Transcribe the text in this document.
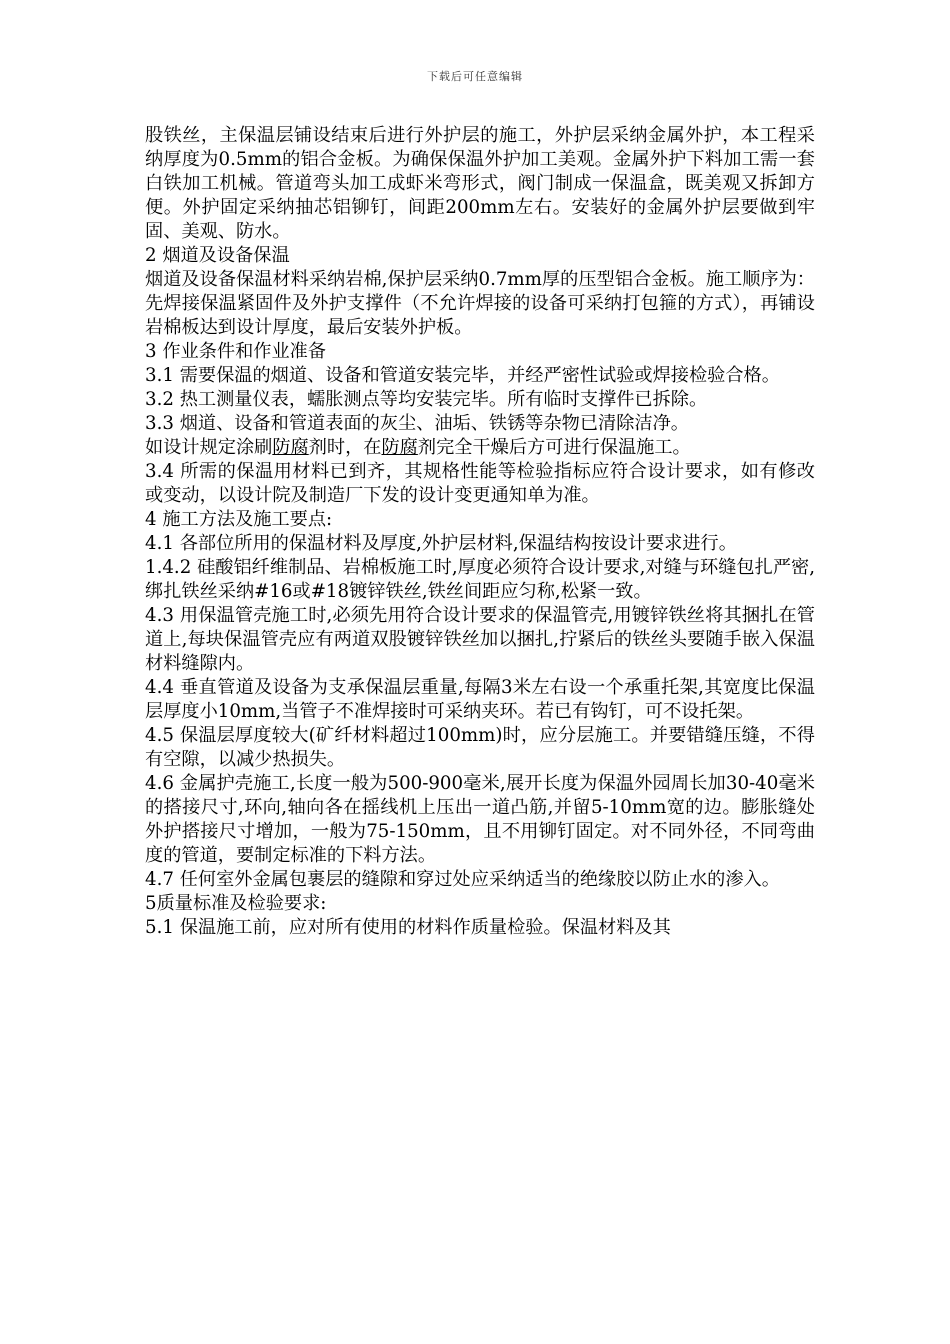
下载后可任意编辑

股铁丝，主保温层铺设结束后进行外护层的施工，外护层采纳金属外护，本工程采纳厚度为0.5mm的铝合金板。为确保保温外护加工美观。金属外护下料加工需一套白铁加工机械。管道弯头加工成虾米弯形式，阀门制成一保温盒，既美观又拆卸方便。外护固定采纳抽芯铝铆钉，间距200mm左右。安装好的金属外护层要做到牢固、美观、防水。

2 烟道及设备保温

烟道及设备保温材料采纳岩棉,保护层采纳0.7mm厚的压型铝合金板。施工顺序为：先焊接保温紧固件及外护支撑件（不允许焊接的设备可采纳打包箍的方式），再铺设岩棉板达到设计厚度，最后安装外护板。

3 作业条件和作业准备

3.1 需要保温的烟道、设备和管道安装完毕，并经严密性试验或焊接检验合格。

3.2 热工测量仪表，蠕胀测点等均安装完毕。所有临时支撑件已拆除。

3.3 烟道、设备和管道表面的灰尘、油垢、铁锈等杂物已清除洁净。

如设计规定涂刷防腐剂时，在防腐剂完全干燥后方可进行保温施工。

3.4 所需的保温用材料已到齐，其规格性能等检验指标应符合设计要求，如有修改或变动，以设计院及制造厂下发的设计变更通知单为准。

4 施工方法及施工要点:

4.1 各部位所用的保温材料及厚度,外护层材料,保温结构按设计要求进行。

1.4.2 硅酸铝纤维制品、岩棉板施工时,厚度必须符合设计要求,对缝与环缝包扎严密,绑扎铁丝采纳#16或#18镀锌铁丝,铁丝间距应匀称,松紧一致。

4.3 用保温管壳施工时,必须先用符合设计要求的保温管壳,用镀锌铁丝将其捆扎在管道上,每块保温管壳应有两道双股镀锌铁丝加以捆扎,拧紧后的铁丝头要随手嵌入保温材料缝隙内。

4.4 垂直管道及设备为支承保温层重量,每隔3米左右设一个承重托架,其宽度比保温层厚度小10mm,当管子不准焊接时可采纳夹环。若已有钩钉，可不设托架。

4.5 保温层厚度较大(矿纤材料超过100mm)时，应分层施工。并要错缝压缝，不得有空隙，以减少热损失。

4.6 金属护壳施工,长度一般为500-900毫米,展开长度为保温外园周长加30-40毫米的搭接尺寸,环向,轴向各在摇线机上压出一道凸筋,并留5-10mm宽的边。膨胀缝处外护搭接尺寸增加，一般为75-150mm，且不用铆钉固定。对不同外径，不同弯曲度的管道，要制定标准的下料方法。

4.7 任何室外金属包裹层的缝隙和穿过处应采纳适当的绝缘胶以防止水的渗入。

5质量标准及检验要求:

5.1 保温施工前，应对所有使用的材料作质量检验。保温材料及其
